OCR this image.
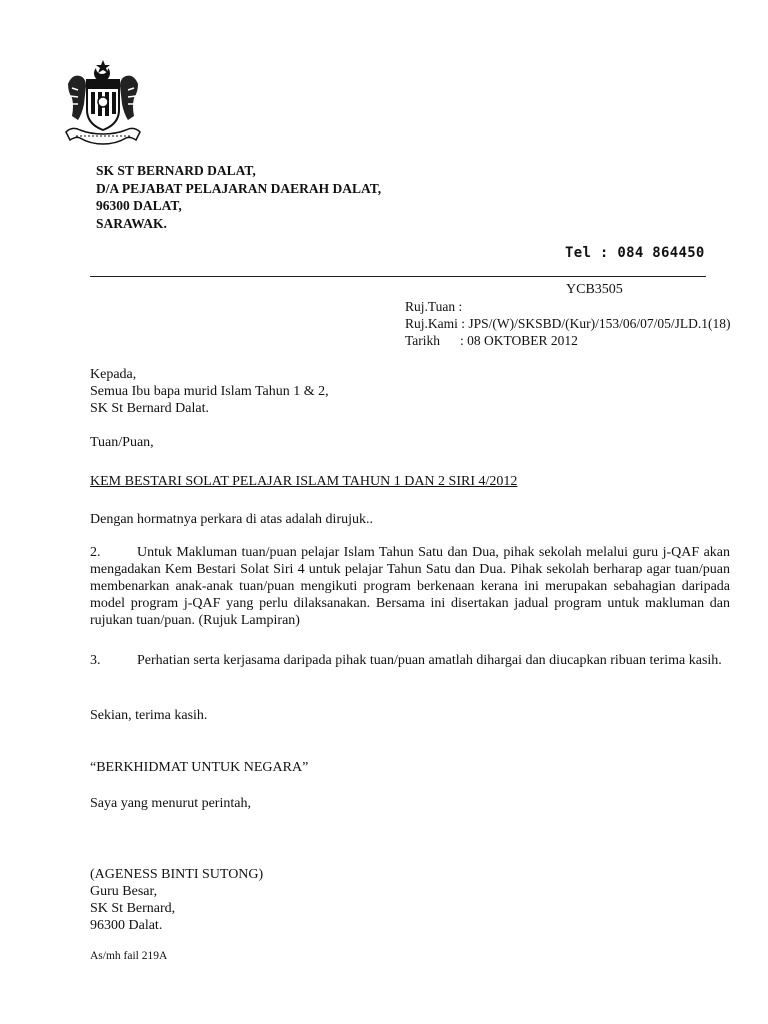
SK ST BERNARD DALAT,
D/A PEJABAT PELAJARAN DAERAH DALAT,
96300 DALAT,
SARAWAK.
Tel : 084 864450
YCB3505
Ruj.Tuan :
Ruj.Kami : JPS/(W)/SKSBD/(Kur)/153/06/07/05/JLD.1(18)
Tarikh : 08 OKTOBER 2012
Kepada,
Semua Ibu bapa murid Islam Tahun 1 & 2,
SK St Bernard Dalat.
Tuan/Puan,
KEM BESTARI SOLAT PELAJAR ISLAM TAHUN 1 DAN 2 SIRI 4/2012
Dengan hormatnya perkara di atas adalah dirujuk..
2.	Untuk Makluman tuan/puan pelajar Islam Tahun Satu dan Dua, pihak sekolah melalui guru j-QAF akan mengadakan Kem Bestari Solat Siri 4 untuk pelajar Tahun Satu dan Dua. Pihak sekolah berharap agar tuan/puan membenarkan anak-anak tuan/puan mengikuti program berkenaan kerana ini merupakan sebahagian daripada model program j-QAF yang perlu dilaksanakan. Bersama ini disertakan jadual program untuk makluman dan rujukan tuan/puan. (Rujuk Lampiran)
3.	Perhatian serta kerjasama daripada pihak tuan/puan amatlah dihargai dan diucapkan ribuan terima kasih.
Sekian, terima kasih.
“BERKHIDMAT UNTUK NEGARA”
Saya yang menurut perintah,
(AGENESS BINTI SUTONG)
Guru Besar,
SK St Bernard,
96300 Dalat.
As/mh fail 219A
